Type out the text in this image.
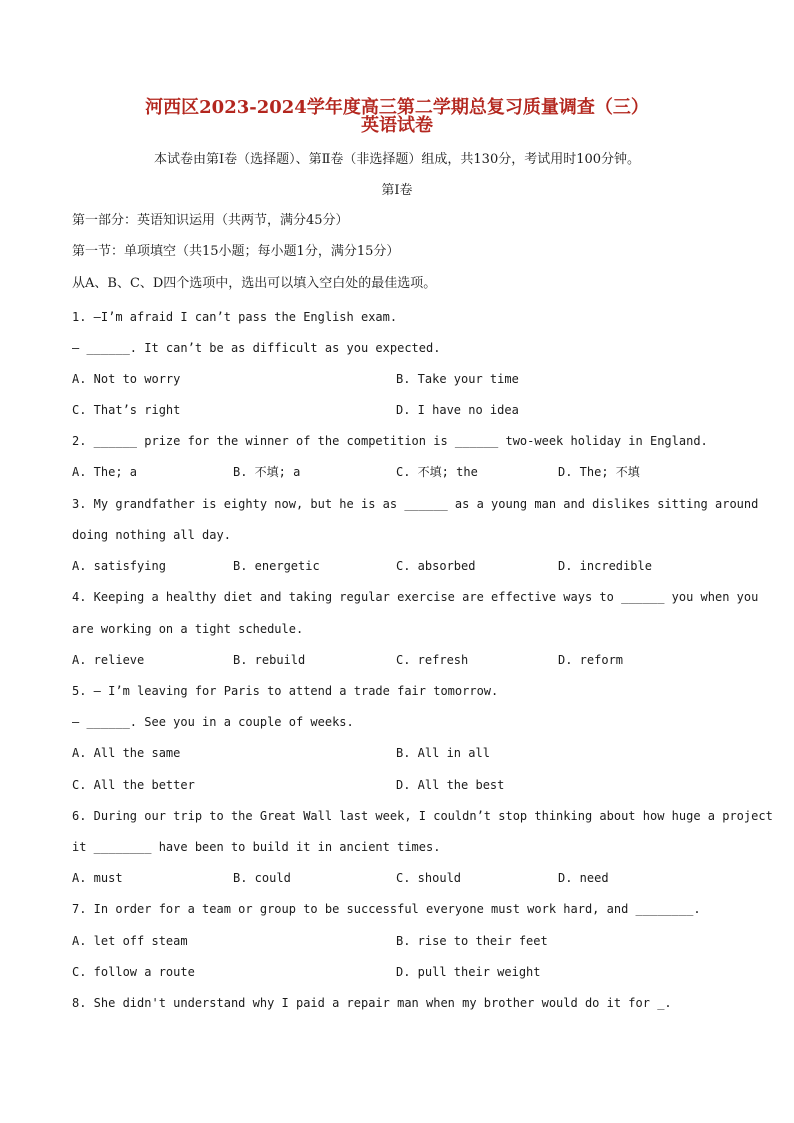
河西区2023-2024学年度高三第二学期总复习质量调查（三）
英语试卷
本试卷由第Ⅰ卷（选择题）、第Ⅱ卷（非选择题）组成，共130分，考试用时100分钟。
第Ⅰ卷
第一部分：英语知识运用（共两节，满分45分）
第一节：单项填空（共15小题；每小题1分，满分15分）
从A、B、C、D四个选项中，选出可以填入空白处的最佳选项。
1. —I’m afraid I can’t pass the English exam.
— ______. It can’t be as difficult as you expected.
A. Not to worry	B. Take your time
C. That’s right	D. I have no idea
2. ______ prize for the winner of the competition is ______ two-week holiday in England.
A. The; a	B. 不填; a	C. 不填; the	D. The; 不填
3. My grandfather is eighty now, but he is as ______ as a young man and dislikes sitting around
doing nothing all day.
A. satisfying	B. energetic	C. absorbed	D. incredible
4. Keeping a healthy diet and taking regular exercise are effective ways to ______ you when you
are working on a tight schedule.
A. relieve	B. rebuild	C. refresh	D. reform
5. — I’m leaving for Paris to attend a trade fair tomorrow.
— ______. See you in a couple of weeks.
A. All the same	B. All in all
C. All the better	D. All the best
6. During our trip to the Great Wall last week, I couldn’t stop thinking about how huge a project
it ________ have been to build it in ancient times.
A. must	B. could	C. should	D. need
7. In order for a team or group to be successful everyone must work hard, and ________.
A. let off steam	B. rise to their feet
C. follow a route	D. pull their weight
8. She didn't understand why I paid a repair man when my brother would do it for _.
